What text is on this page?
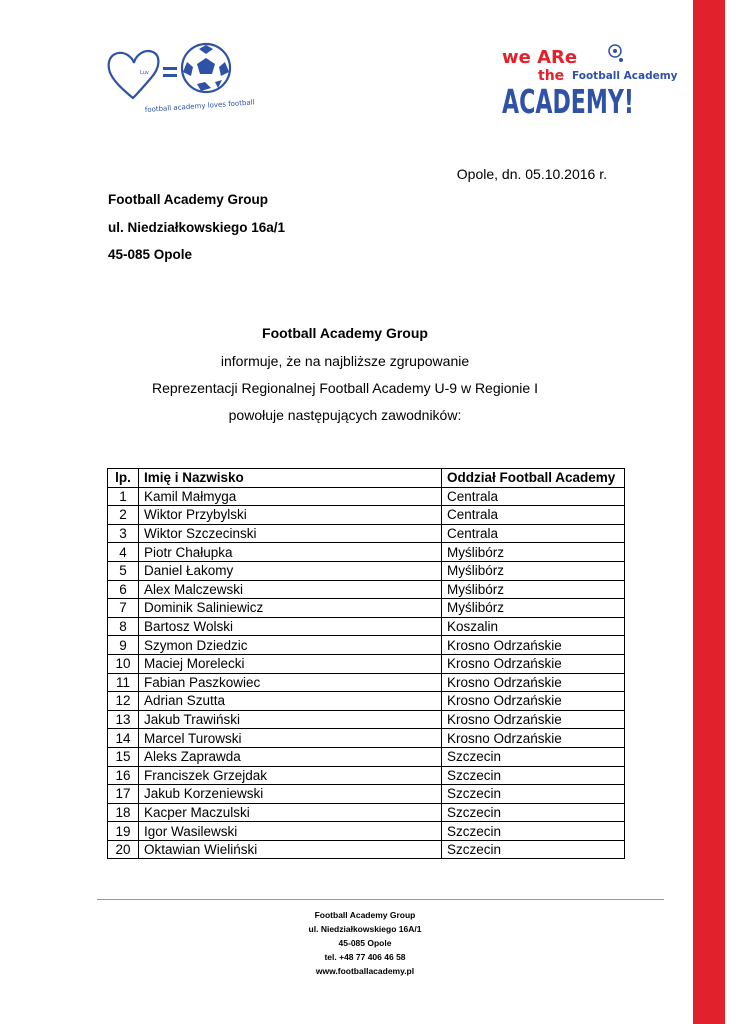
Luv
football academy loves football
we ARe
the Football Academy
ACADEMY!
Opole, dn. 05.10.2016 r.
Football Academy Group
ul. Niedziałkowskiego 16a/1
45-085 Opole
Football Academy Group
informuje, że na najbliższe zgrupowanie
Reprezentacji Regionalnej Football Academy U-9 w Regionie I
powołuje następujących zawodników:
lp.	Imię i Nazwisko	Oddział Football Academy
1	Kamil Małmyga	Centrala
2	Wiktor Przybylski	Centrala
3	Wiktor Szczecinski	Centrala
4	Piotr Chałupka	Myślibórz
5	Daniel Łakomy	Myślibórz
6	Alex Malczewski	Myślibórz
7	Dominik Saliniewicz	Myślibórz
8	Bartosz Wolski	Koszalin
9	Szymon Dziedzic	Krosno Odrzańskie
10	Maciej Morelecki	Krosno Odrzańskie
11	Fabian Paszkowiec	Krosno Odrzańskie
12	Adrian Szutta	Krosno Odrzańskie
13	Jakub Trawiński	Krosno Odrzańskie
14	Marcel Turowski	Krosno Odrzańskie
15	Aleks Zaprawda	Szczecin
16	Franciszek Grzejdak	Szczecin
17	Jakub Korzeniewski	Szczecin
18	Kacper Maczulski	Szczecin
19	Igor Wasilewski	Szczecin
20	Oktawian Wieliński	Szczecin
Football Academy Group
ul. Niedziałkowskiego 16A/1
45-085 Opole
tel. +48 77 406 46 58
www.footballacademy.pl
